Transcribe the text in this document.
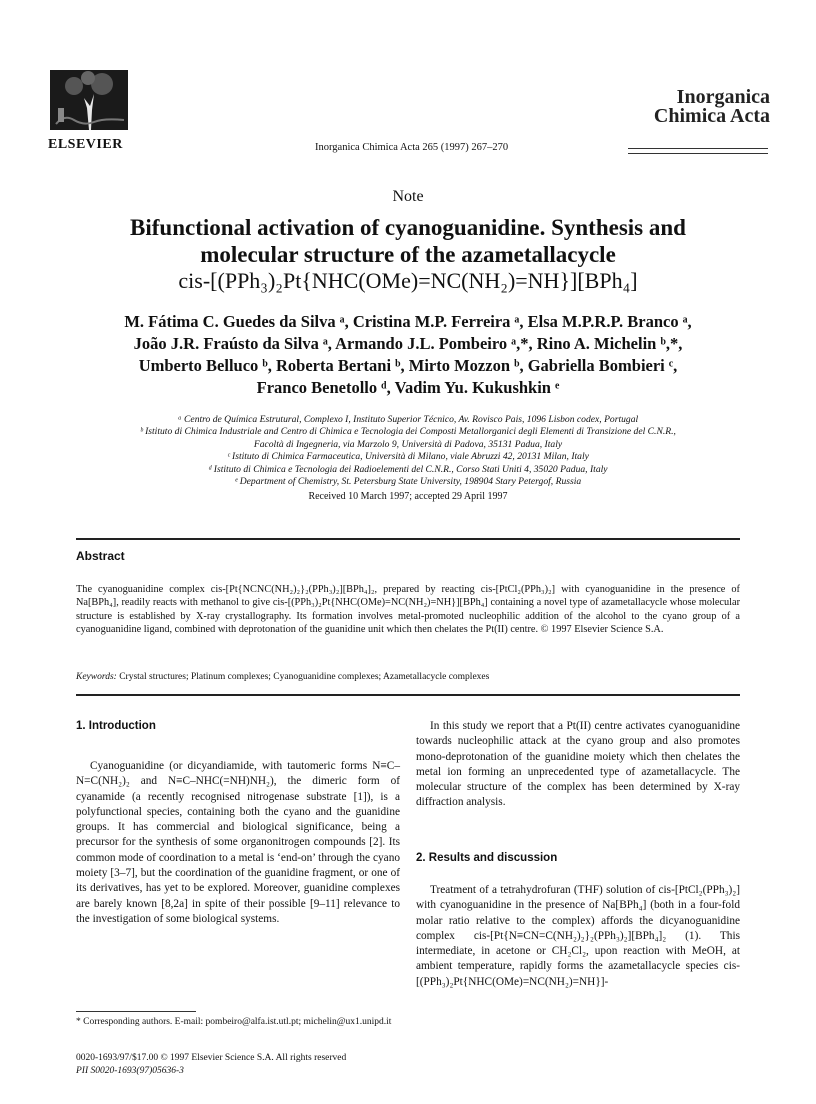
ELSEVIER	Inorganica Chimica Acta 265 (1997) 267–270
Inorganica
Chimica Acta
Note
Bifunctional activation of cyanoguanidine. Synthesis and
molecular structure of the azametallacycle
cis-[(PPh₃)₂Pt{NHC(OMe)=NC(NH₂)=NH}][BPh₄]
M. Fátima C. Guedes da Silva ᵃ, Cristina M.P. Ferreira ᵃ, Elsa M.P.R.P. Branco ᵃ,
João J.R. Fraústo da Silva ᵃ, Armando J.L. Pombeiro ᵃ,*, Rino A. Michelin ᵇ,*,
Umberto Belluco ᵇ, Roberta Bertani ᵇ, Mirto Mozzon ᵇ, Gabriella Bombieri ᶜ,
Franco Benetollo ᵈ, Vadim Yu. Kukushkin ᵉ
ᵃ Centro de Química Estrutural, Complexo I, Instituto Superior Técnico, Av. Rovisco Pais, 1096 Lisbon codex, Portugal
ᵇ Istituto di Chimica Industriale and Centro di Chimica e Tecnologia dei Composti Metallorganici degli Elementi di Transizione del C.N.R.,
Facoltà di Ingegneria, via Marzolo 9, Università di Padova, 35131 Padua, Italy
ᶜ Istituto di Chimica Farmaceutica, Università di Milano, viale Abruzzi 42, 20131 Milan, Italy
ᵈ Istituto di Chimica e Tecnologia dei Radioelementi del C.N.R., Corso Stati Uniti 4, 35020 Padua, Italy
ᵉ Department of Chemistry, St. Petersburg State University, 198904 Stary Petergof, Russia
Received 10 March 1997; accepted 29 April 1997
Abstract
The cyanoguanidine complex cis-[Pt{NCNC(NH₂)₂}₂(PPh₃)₂][BPh₄]₂, prepared by reacting cis-[PtCl₂(PPh₃)₂] with cyanoguanidine in the presence of Na[BPh₄], readily reacts with methanol to give cis-[(PPh₃)₂Pt{NHC(OMe)=NC(NH₂)=NH}][BPh₄] containing a novel type of azametallacycle whose molecular structure is established by X-ray crystallography. Its formation involves metal-promoted nucleophilic addition of the alcohol to the cyano group of a cyanoguanidine ligand, combined with deprotonation of the guanidine unit which then chelates the Pt(II) centre. © 1997 Elsevier Science S.A.
Keywords: Crystal structures; Platinum complexes; Cyanoguanidine complexes; Azametallacycle complexes
1. Introduction

Cyanoguanidine (or dicyandiamide, with tautomeric forms N≡C–N=C(NH₂)₂ and N≡C–NHC(=NH)NH₂), the dimeric form of cyanamide (a recently recognised nitrogenase substrate [1]), is a polyfunctional species, containing both the cyano and the guanidine groups. It has commercial and biological significance, being a precursor for the synthesis of some organonitrogen compounds [2]. Its common mode of coordination to a metal is ‘end-on’ through the cyano moiety [3–7], but the coordination of the guanidine fragment, or one of its derivatives, has yet to be explored. Moreover, guanidine complexes are barely known [8,2a] in spite of their possible [9–11] relevance to the investigation of some biological systems.

* Corresponding authors. E-mail: pombeiro@alfa.ist.utl.pt; michelin@ux1.unipd.it
0020-1693/97/$17.00 © 1997 Elsevier Science S.A. All rights reserved
PII S0020-1693(97)05636-3

In this study we report that a Pt(II) centre activates cyanoguanidine towards nucleophilic attack at the cyano group and also promotes mono-deprotonation of the guanidine moiety which then chelates the metal ion forming an unprecedented type of azametallacycle. The molecular structure of the complex has been determined by X-ray diffraction analysis.

2. Results and discussion

Treatment of a tetrahydrofuran (THF) solution of cis-[PtCl₂(PPh₃)₂] with cyanoguanidine in the presence of Na[BPh₄] (both in a four-fold molar ratio relative to the complex) affords the dicyanoguanidine complex cis-[Pt{N≡CN=C(NH₂)₂}₂(PPh₃)₂][BPh₄]₂ (1). This intermediate, in acetone or CH₂Cl₂, upon reaction with MeOH, at ambient temperature, rapidly forms the azametallacycle species cis-[(PPh₃)₂Pt{NHC(OMe)=NC(NH₂)=NH}]-
